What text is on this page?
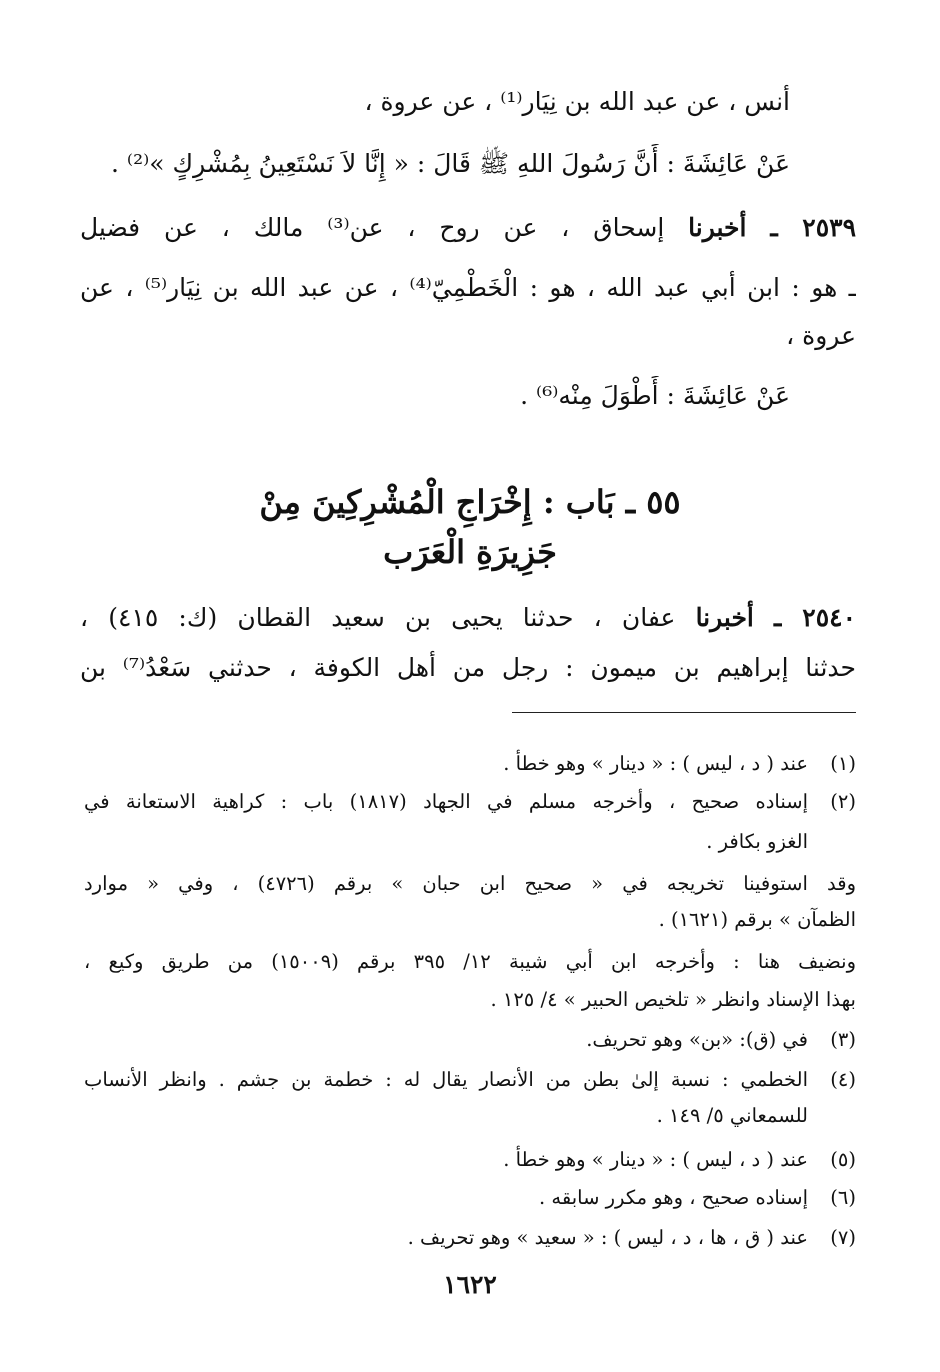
أنس ، عن عبد الله بن نِيَار⁽¹⁾ ، عن عروة ،
عَنْ عَائِشَةَ : أَنَّ رَسُولَ اللهِ ﷺ قَالَ : « إِنَّا لاَ نَسْتَعِينُ بِمُشْرِكٍ »⁽²⁾ .
٢٥٣٩ ـ أخبرنا إسحاق ، عن روح ، عن⁽³⁾ مالك ، عن فضيل
ـ هو : ابن أبي عبد الله ، هو : الْخَطْمِيّ⁽⁴⁾ ، عن عبد الله بن نِيَار⁽⁵⁾ ، عن
عروة ،
عَنْ عَائِشَةَ : أَطْوَلَ مِنْه⁽⁶⁾ .
٥٥ ـ بَاب : إِخْرَاجِ الْمُشْرِكِينَ مِنْ
جَزِيرَةِ الْعَرَب
٢٥٤٠ ـ أخبرنا عفان ، حدثنا يحيى بن سعيد القطان (ك: ٤١٥) ،
حدثنا إبراهيم بن ميمون : رجل من أهل الكوفة ، حدثني سَعْدُ⁽⁷⁾ بن
(١)
عند ( د ، ليس ) : « دينار » وهو خطأ .
(٢)
إسناده صحيح ، وأخرجه مسلم في الجهاد (١٨١٧) باب : كراهية الاستعانة في
الغزو بكافر .
وقد استوفينا تخريجه في « صحيح ابن حبان » برقم (٤٧٢٦) ، وفي « موارد
الظمآن » برقم (١٦٢١) .
ونضيف هنا : وأخرجه ابن أبي شيبة ١٢/ ٣٩٥ برقم (١٥٠٠٩) من طريق وكيع ،
بهذا الإسناد وانظر « تلخيص الحبير » ٤/ ١٢٥ .
(٣)
في (ق): «بن» وهو تحريف.
(٤)
الخطمي : نسبة إلىٰ بطن من الأنصار يقال له : خطمة بن جشم . وانظر الأنساب
للسمعاني ٥/ ١٤٩ .
(٥)
عند ( د ، ليس ) : « دينار » وهو خطأ .
(٦)
إسناده صحيح ، وهو مكرر سابقه .
(٧)
عند ( ق ، ها ، د ، ليس ) : « سعيد » وهو تحريف .
١٦٢٢
